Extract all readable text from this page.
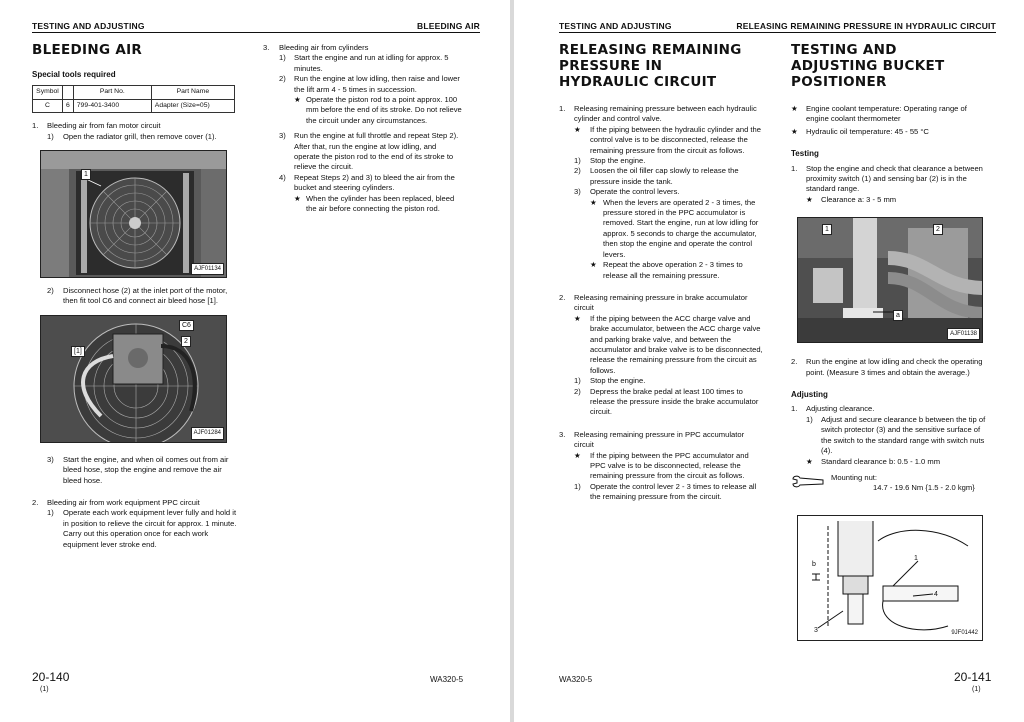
TESTING AND ADJUSTING	BLEEDING AIR
BLEEDING AIR
Special tools required
Symbol		Part No.	Part Name
C	6	799-401-3400	Adapter (Size=05)
1.	Bleeding air from fan motor circuit
1)	Open the radiator grill, then remove cover (1).
1
AJF01134
2)	Disconnect hose (2) at the inlet port of the motor, then fit tool C6 and connect air bleed hose [1].
C6
[1]
2
AJF01284
3)	Start the engine, and when oil comes out from air bleed hose, stop the engine and remove the air bleed hose.
2.	Bleeding air from work equipment PPC circuit
1)	Operate each work equipment lever fully and hold it in position to relieve the circuit for approx. 1 minute. Carry out this operation once for each work equipment lever stroke end.
3.	Bleeding air from cylinders
1)	Start the engine and run at idling for approx. 5 minutes.
2)	Run the engine at low idling, then raise and lower the lift arm 4 - 5 times in succession.
★ Operate the piston rod to a point approx. 100 mm before the end of its stroke. Do not relieve the circuit under any circumstances.
3)	Run the engine at full throttle and repeat Step 2). After that, run the engine at low idling, and operate the piston rod to the end of its stroke to relieve the circuit.
4)	Repeat Steps 2) and 3) to bleed the air from the bucket and steering cylinders.
★ When the cylinder has been replaced, bleed the air before connecting the piston rod.
20-140
(1)
WA320-5
TESTING AND ADJUSTING	RELEASING REMAINING PRESSURE IN HYDRAULIC CIRCUIT
RELEASING REMAINING PRESSURE IN HYDRAULIC CIRCUIT
1.	Releasing remaining pressure between each hydraulic cylinder and control valve.
★	If the piping between the hydraulic cylinder and the control valve is to be disconnected, release the remaining pressure from the circuit as follows.
1)	Stop the engine.
2)	Loosen the oil filler cap slowly to release the pressure inside the tank.
3)	Operate the control levers.
★ When the levers are operated 2 - 3 times, the pressure stored in the PPC accumulator is removed. Start the engine, run at low idling for approx. 5 seconds to charge the accumulator, then stop the engine and operate the control levers.
★ Repeat the above operation 2 - 3 times to release all the remaining pressure.
2.	Releasing remaining pressure in brake accumulator circuit
★	If the piping between the ACC charge valve and brake accumulator, between the ACC charge valve and parking brake valve, and between the accumulator and brake valve is to be disconnected, release the remaining pressure from the circuit as follows.
1)	Stop the engine.
2)	Depress the brake pedal at least 100 times to release the pressure inside the brake accumulator circuit.
3.	Releasing remaining pressure in PPC accumulator circuit
★	If the piping between the PPC accumulator and PPC valve is to be disconnected, release the remaining pressure from the circuit as follows.
1)	Operate the control lever 2 - 3 times to release all the remaining pressure from the circuit.
TESTING AND ADJUSTING BUCKET POSITIONER
★	Engine coolant temperature: Operating range of engine coolant thermometer
★	Hydraulic oil temperature: 45 - 55 °C
Testing
1.	Stop the engine and check that clearance a between proximity switch (1) and sensing bar (2) is in the standard range.
★	Clearance a: 3 - 5 mm
1	2
a
AJF01138
2.	Run the engine at low idling and check the operating point. (Measure 3 times and obtain the average.)
Adjusting
1.	Adjusting clearance.
1)	Adjust and secure clearance b between the tip of switch protector (3) and the sensitive surface of the switch to the standard range with switch nuts (4).
★	Standard clearance b: 0.5 - 1.0 mm
Mounting nut:
14.7 - 19.6 Nm {1.5 - 2.0 kgm}
b
1
3
4
9JF01442
WA320-5	20-141
(1)
